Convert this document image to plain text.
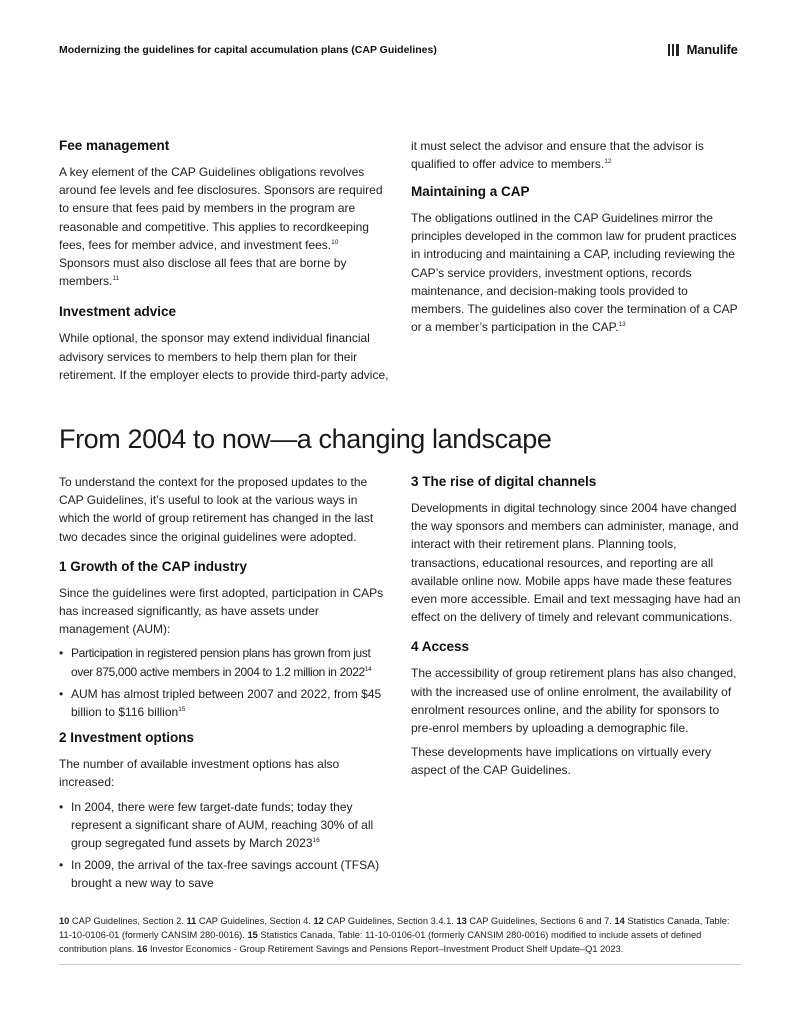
Modernizing the guidelines for capital accumulation plans (CAP Guidelines)	Manulife
Fee management

A key element of the CAP Guidelines obligations revolves around fee levels and fee disclosures. Sponsors are required to ensure that fees paid by members in the program are reasonable and competitive. This applies to recordkeeping fees, fees for member advice, and investment fees.$^{10}$ Sponsors must also disclose all fees that are borne by members.$^{11}$

Investment advice

While optional, the sponsor may extend individual financial advisory services to members to help them plan for their retirement. If the employer elects to provide third-party advice,

it must select the advisor and ensure that the advisor is qualified to offer advice to members.$^{12}$

Maintaining a CAP

The obligations outlined in the CAP Guidelines mirror the principles developed in the common law for prudent practices in introducing and maintaining a CAP, including reviewing the CAP’s service providers, investment options, records maintenance, and decision-making tools provided to members. The guidelines also cover the termination of a CAP or a member’s participation in the CAP.$^{13}$

From 2004 to now—a changing landscape

To understand the context for the proposed updates to the CAP Guidelines, it’s useful to look at the various ways in which the world of group retirement has changed in the last two decades since the original guidelines were adopted.

1 Growth of the CAP industry

Since the guidelines were first adopted, participation in CAPs has increased significantly, as have assets under management (AUM):

• Participation in registered pension plans has grown from just over 875,000 active members in 2004 to 1.2 million in 2022$^{14}$
• AUM has almost tripled between 2007 and 2022, from $45 billion to $116 billion$^{15}$
2 Investment options

The number of available investment options has also increased:

• In 2004, there were few target-date funds; today they represent a significant share of AUM, reaching 30% of all group segregated fund assets by March 2023$^{16}$
• In 2009, the arrival of the tax-free savings account (TFSA) brought a new way to save
3 The rise of digital channels

Developments in digital technology since 2004 have changed the way sponsors and members can administer, manage, and interact with their retirement plans. Planning tools, transactions, educational resources, and reporting are all available online now. Mobile apps have made these features even more accessible. Email and text messaging have had an effect on the delivery of timely and relevant communications.

4 Access

The accessibility of group retirement plans has also changed, with the increased use of online enrolment, the availability of enrolment resources online, and the ability for sponsors to pre-enrol members by uploading a demographic file.

These developments have implications on virtually every aspect of the CAP Guidelines.

10 CAP Guidelines, Section 2. 11 CAP Guidelines, Section 4. 12 CAP Guidelines, Section 3.4.1. 13 CAP Guidelines, Sections 6 and 7. 14 Statistics Canada, Table: 11-10-0106-01 (formerly CANSIM 280-0016). 15 Statistics Canada, Table: 11-10-0106-01 (formerly CANSIM 280-0016) modified to include assets of defined contribution plans. 16 Investor Economics - Group Retirement Savings and Pensions Report–Investment Product Shelf Update–Q1 2023.
